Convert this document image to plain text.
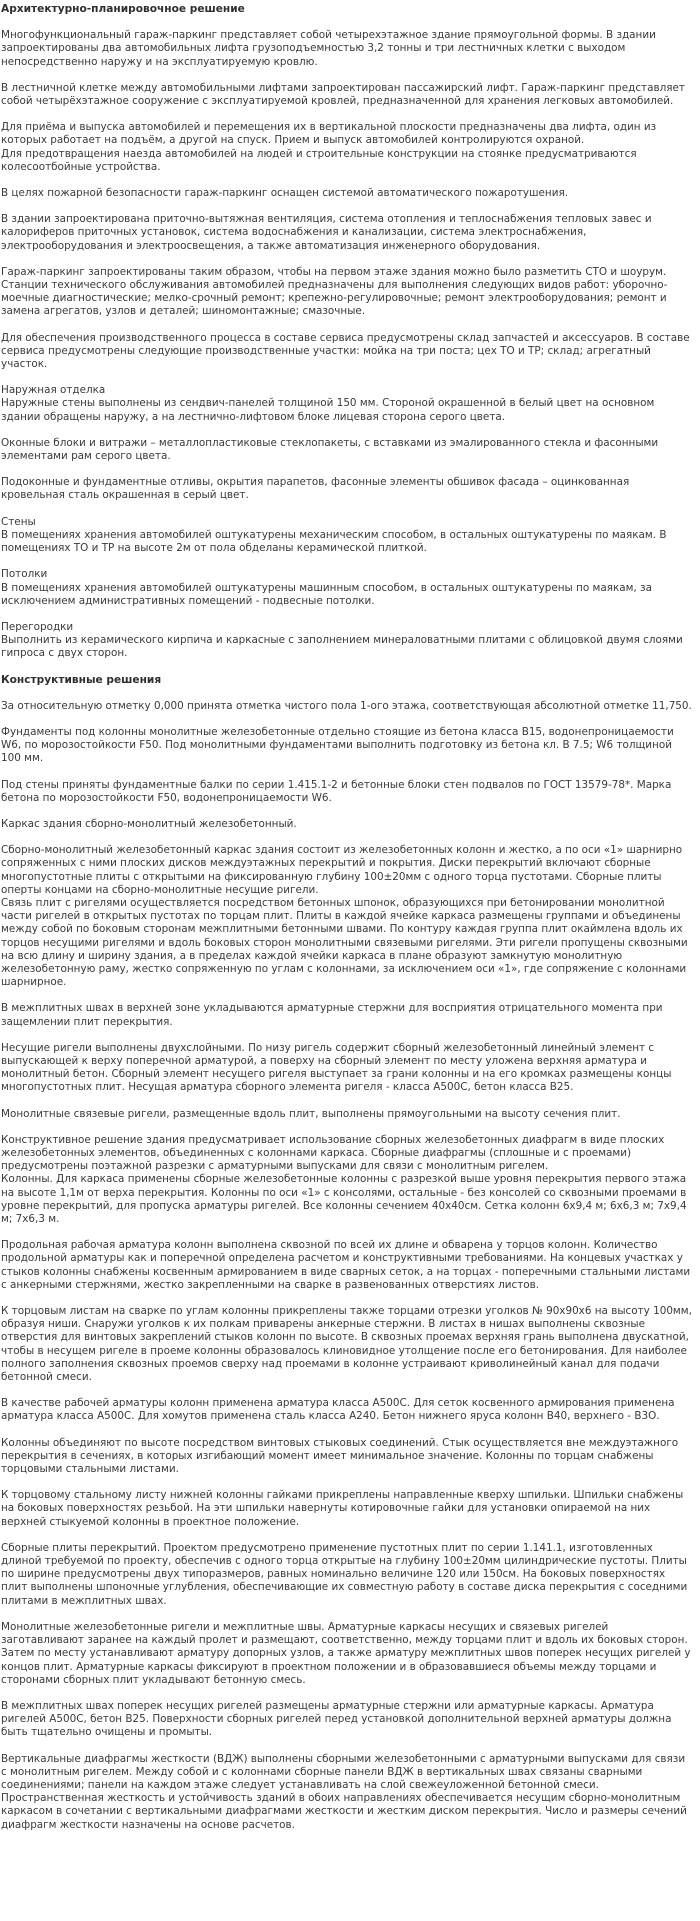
Архитектурно-планировочное решение

Многофункциональный гараж-паркинг представляет собой четырехэтажное здание прямоугольной формы. В здании запроектированы два автомобильных лифта грузоподъемностью 3,2 тонны и три лестничных клетки с выходом непосредственно наружу и на эксплуатируемую кровлю.

В лестничной клетке между автомобильными лифтами запроектирован пассажирский лифт. Гараж-паркинг представляет собой четырёхэтажное сооружение с эксплуатируемой кровлей, предназначенной для хранения легковых автомобилей.

Для приёма и выпуска автомобилей и перемещения их в вертикальной плоскости предназначены два лифта, один из которых работает на подъём, а другой на спуск. Прием и выпуск автомобилей контролируются охраной.
Для предотвращения наезда автомобилей на людей и строительные конструкции на стоянке предусматриваются колесоотбойные устройства.

В целях пожарной безопасности гараж-паркинг оснащен системой автоматического пожаротушения.

В здании запроектирована приточно-вытяжная вентиляция, система отопления и теплоснабжения тепловых завес и калориферов приточных установок, система водоснабжения и канализации, система электроснабжения, электрооборудования и электроосвещения, а также автоматизация инженерного оборудования.

Гараж-паркинг запроектированы таким образом, чтобы на первом этаже здания можно было разметить СТО и шоурум. Станции технического обслуживания автомобилей предназначены для выполнения следующих видов работ: уборочно-моечные диагностические; мелко-срочный ремонт; крепежно-регулировочные; ремонт электрооборудования; ремонт и замена агрегатов, узлов и деталей; шиномонтажные; смазочные.

Для обеспечения производственного процесса в составе сервиса предусмотрены склад запчастей и аксессуаров. В составе сервиса предусмотрены следующие производственные участки: мойка на три поста; цех ТО и ТР; склад; агрегатный участок.

Наружная отделка
Наружные стены выполнены из сендвич-панелей толщиной 150 мм. Стороной окрашенной в белый цвет на основном здании обращены наружу, а на лестнично-лифтовом блоке лицевая сторона серого цвета.

Оконные блоки и витражи – металлопластиковые стеклопакеты, с вставками из эмалированного стекла и фасонными элементами рам серого цвета.

Подоконные и фундаментные отливы, окрытия парапетов, фасонные элементы обшивок фасада – оцинкованная кровельная сталь окрашенная в серый цвет.

Стены
В помещениях хранения автомобилей оштукатурены механическим способом, в остальных оштукатурены по маякам. В помещениях ТО и ТР на высоте 2м от пола обделаны керамической плиткой.

Потолки
В помещениях хранения автомобилей оштукатурены машинным способом, в остальных оштукатурены по маякам, за исключением административных помещений - подвесные потолки.

Перегородки
Выполнить из керамического кирпича и каркасные с заполнением минераловатными плитами с облицовкой двумя слоями гипроса с двух сторон.

Конструктивные решения

За относительную отметку 0,000 принята отметка чистого пола 1-ого этажа, соответствующая абсолютной отметке 11,750.

Фундаменты под колонны монолитные железобетонные отдельно стоящие из бетона класса В15, водонепроницаемости W6, по морозостойкости F50. Под монолитными фундаментами выполнить подготовку из бетона кл. В 7.5; W6 толщиной 100 мм.

Под стены приняты фундаментные балки по серии 1.415.1-2 и бетонные блоки стен подвалов по ГОСТ 13579-78*. Марка бетона по морозостойкости F50, водонепроницаемости W6.

Каркас здания сборно-монолитный железобетонный.

Сборно-монолитный железобетонный каркас здания состоит из железобетонных колонн и жестко, а по оси «1» шарнирно сопряженных с ними плоских дисков междуэтажных перекрытий и покрытия. Диски перекрытий включают сборные многопустотные плиты с открытыми на фиксированную глубину 100±20мм с одного торца пустотами. Сборные плиты оперты концами на сборно-монолитные несущие ригели.
Связь плит с ригелями осуществляется посредством бетонных шпонок, образующихся при бетонировании монолитной части ригелей в открытых пустотах по торцам плит. Плиты в каждой ячейке каркаса размещены группами и объединены между собой по боковым сторонам межплитными бетонными швами. По контуру каждая группа плит окаймлена вдоль их торцов несущими ригелями и вдоль боковых сторон монолитными связевыми ригелями. Эти ригели пропущены сквозными на всю длину и ширину здания, а в пределах каждой ячейки каркаса в плане образуют замкнутую монолитную железобетонную раму, жестко сопряженную по углам с колоннами, за исключением оси «1», где сопряжение с колоннами шарнирное.

В межплитных швах в верхней зоне укладываются арматурные стержни для восприятия отрицательного момента при защемлении плит перекрытия.

Несущие ригели выполнены двухслойными. По низу ригель содержит сборный железобетонный линейный элемент с выпускающей к верху поперечной арматурой, а поверху на сборный элемент по месту уложена верхняя арматура и монолитный бетон. Сборный элемент несущего ригеля выступает за грани колонны и на его кромках размещены концы многопустотных плит. Несущая арматура сборного элемента ригеля - класса А500С, бетон класса В25.

Монолитные связевые ригели, размещенные вдоль плит, выполнены прямоугольными на высоту сечения плит.

Конструктивное решение здания предусматривает использование сборных железобетонных диафрагм в виде плоских железобетонных элементов, объединенных с колоннами каркаса. Сборные диафрагмы (сплошные и с проемами) предусмотрены поэтажной разрезки с арматурными выпусками для связи с монолитным ригелем.
Колонны. Для каркаса применены сборные железобетонные колонны с разрезкой выше уровня перекрытия первого этажа на высоте 1,1м от верха перекрытия. Колонны по оси «1» с консолями, остальные - без консолей со сквозными проемами в уровне перекрытий, для пропуска арматуры ригелей. Все колонны сечением 40х40см. Сетка колонн 6х9,4 м; 6х6,3 м; 7х9,4 м; 7х6,3 м.

Продольная рабочая арматура колонн выполнена сквозной по всей их длине и обварена у торцов колонн. Количество продольной арматуры как и поперечной определена расчетом и конструктивными требованиями. На концевых участках у стыков колонны снабжены косвенным армированием в виде сварных сеток, а на торцах - поперечными стальными листами с анкерными стержнями, жестко закрепленными на сварке в развенованных отверстиях листов.

К торцовым листам на сварке по углам колонны прикреплены также торцами отрезки уголков № 90х90х6 на высоту 100мм, образуя ниши. Снаружи уголков к их полкам приварены анкерные стержни. В листах в нишах выполнены сквозные отверстия для винтовых закреплений стыков колонн по высоте. В сквозных проемах верхняя грань выполнена двускатной, чтобы в несущем ригеле в проеме колонны образовалось клиновидное утолщение после его бетонирования. Для наиболее полного заполнения сквозных проемов сверху над проемами в колонне устраивают криволинейный канал для подачи бетонной смеси.

В качестве рабочей арматуры колонн применена арматура класса А500С. Для сеток косвенного армирования применена арматура класса А500С. Для хомутов применена сталь класса А240. Бетон нижнего яруса колонн В40, верхнего - В3О.

Колонны объединяют по высоте посредством винтовых стыковых соединений. Стык осуществляется вне междуэтажного перекрытия в сечениях, в которых изгибающий момент имеет минимальное значение. Колонны по торцам снабжены торцовыми стальными листами.

К торцовому стальному листу нижней колонны гайками прикреплены направленные кверху шпильки. Шпильки снабжены на боковых поверхностях резьбой. На эти шпильки навернуты котировочные гайки для установки опираемой на них верхней стыкуемой колонны в проектное положение.

Сборные плиты перекрытий. Проектом предусмотрено применение пустотных плит по серии 1.141.1, изготовленных длиной требуемой по проекту, обеспечив с одного торца открытые на глубину 100±20мм цилиндрические пустоты. Плиты по ширине предусмотрены двух типоразмеров, равных номинально величине 120 или 150см. На боковых поверхностях плит выполнены шпоночные углубления, обеспечивающие их совместную работу в составе диска перекрытия с соседними плитами в межплитных швах.

Монолитные железобетонные ригели и межплитные швы. Арматурные каркасы несущих и связевых ригелей заготавливают заранее на каждый пролет и размещают, соответственно, между торцами плит и вдоль их боковых сторон. Затем по месту устанавливают арматуру допорных узлов, а также арматуру межплитных швов поперек несущих ригелей у концов плит. Арматурные каркасы фиксируют в проектном положении и в образовавшиеся объемы между торцами и сторонами сборных плит укладывают бетонную смесь.

В межплитных швах поперек несущих ригелей размещены арматурные стержни или арматурные каркасы. Арматура ригелей А500С, бетон В25. Поверхности сборных ригелей перед установкой дополнительной верхней арматуры должна быть тщательно очищены и промыты.

Вертикальные диафрагмы жесткости (ВДЖ) выполнены сборными железобетонными с арматурными выпусками для связи с монолитным ригелем. Между собой и с колоннами сборные панели ВДЖ в вертикальных швах связаны сварными соединениями; панели на каждом этаже следует устанавливать на слой свежеуложенной бетонной смеси.
Пространственная жесткость и устойчивость зданий в обоих направлениях обеспечивается несущим сборно-монолитным каркасом в сочетании с вертикальными диафрагмами жесткости и жестким диском перекрытия. Число и размеры сечений диафрагм жесткости назначены на основе расчетов.
